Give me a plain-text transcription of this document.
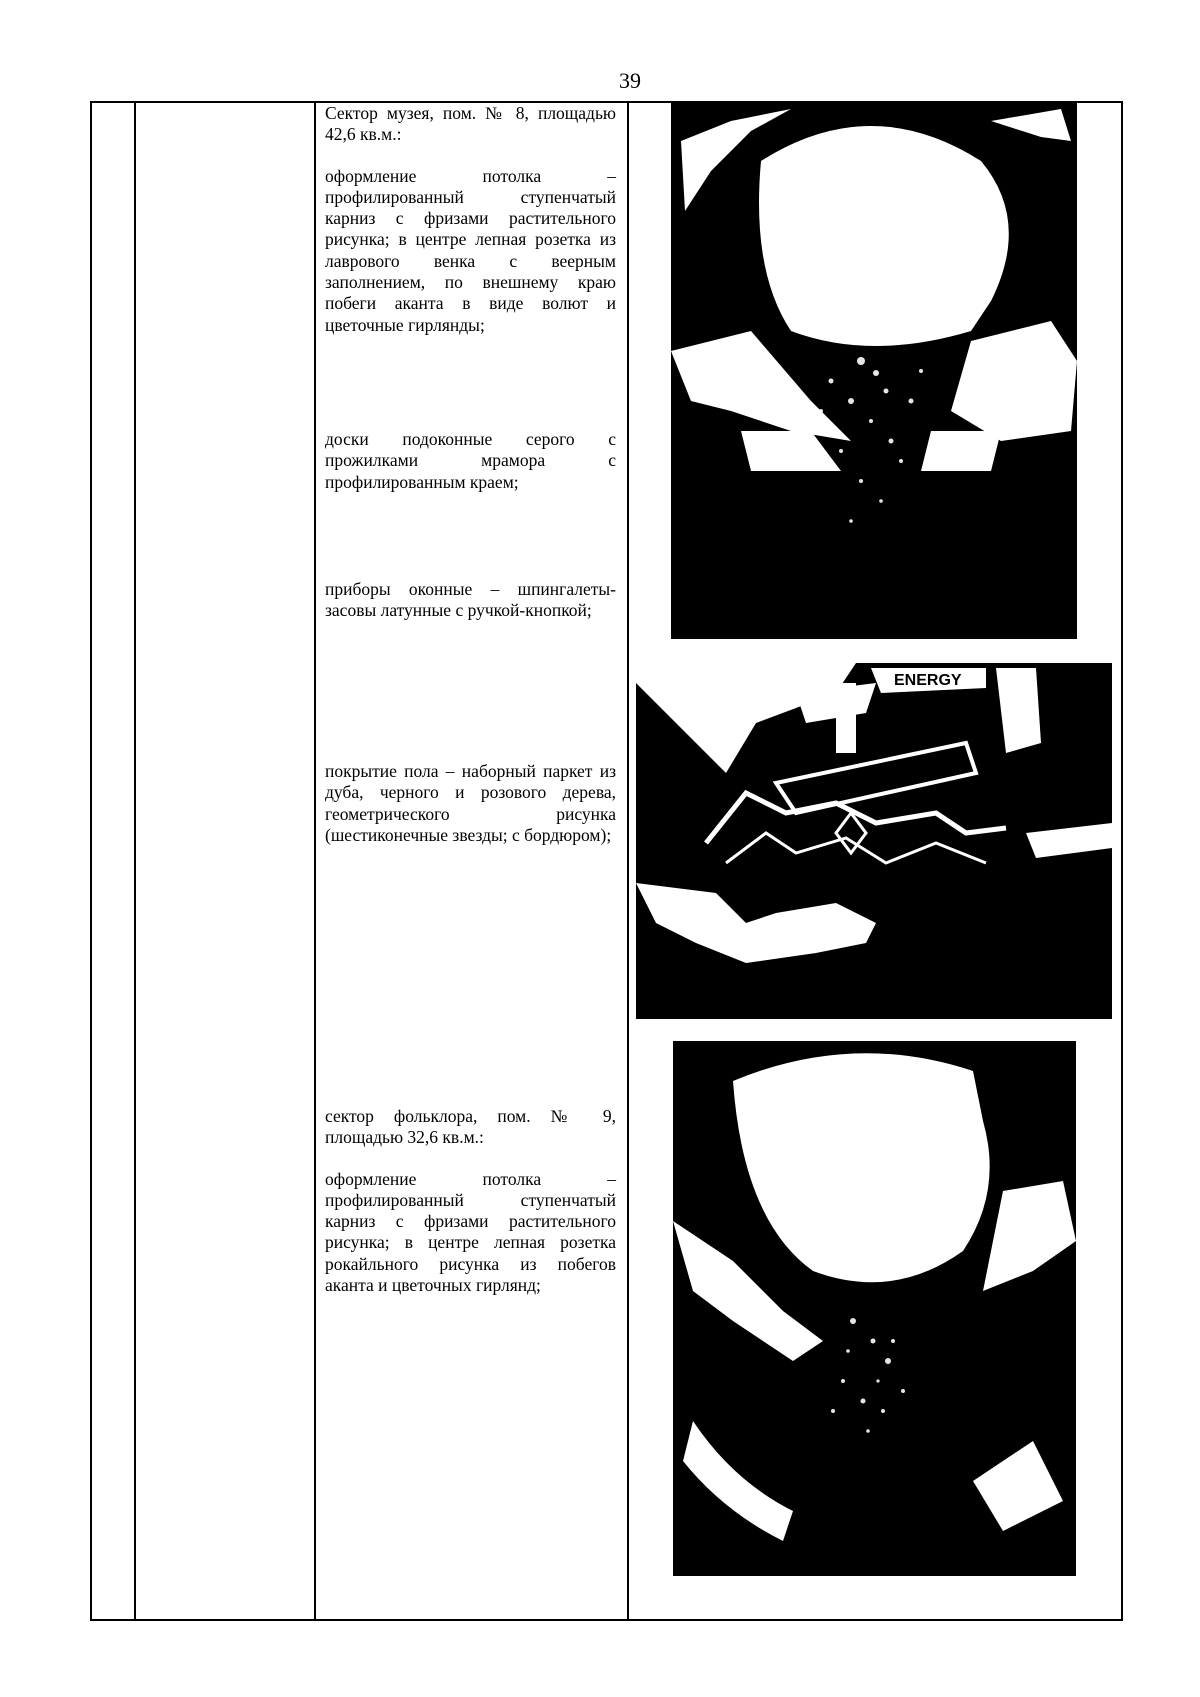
39

Сектор музея, пом. № 8, площадью 42,6 кв.м.:

оформление потолка – профилированный ступенчатый карниз с фризами растительного рисунка; в центре лепная розетка из лаврового венка с веерным заполнением, по внешнему краю побеги аканта в виде волют и цветочные гирлянды;

доски подоконные серого с прожилками мрамора с профилированным краем;

приборы оконные – шпингалеты-засовы латунные с ручкой-кнопкой;

покрытие пола – наборный паркет из дуба, черного и розового дерева, геометрического рисунка (шестиконечные звезды; с бордюром);

сектор фольклора, пом. № 9, площадью 32,6 кв.м.:

оформление потолка – профилированный ступенчатый карниз с фризами растительного рисунка; в центре лепная розетка рокайльного рисунка из побегов аканта и цветочных гирлянд;

ENERGY
